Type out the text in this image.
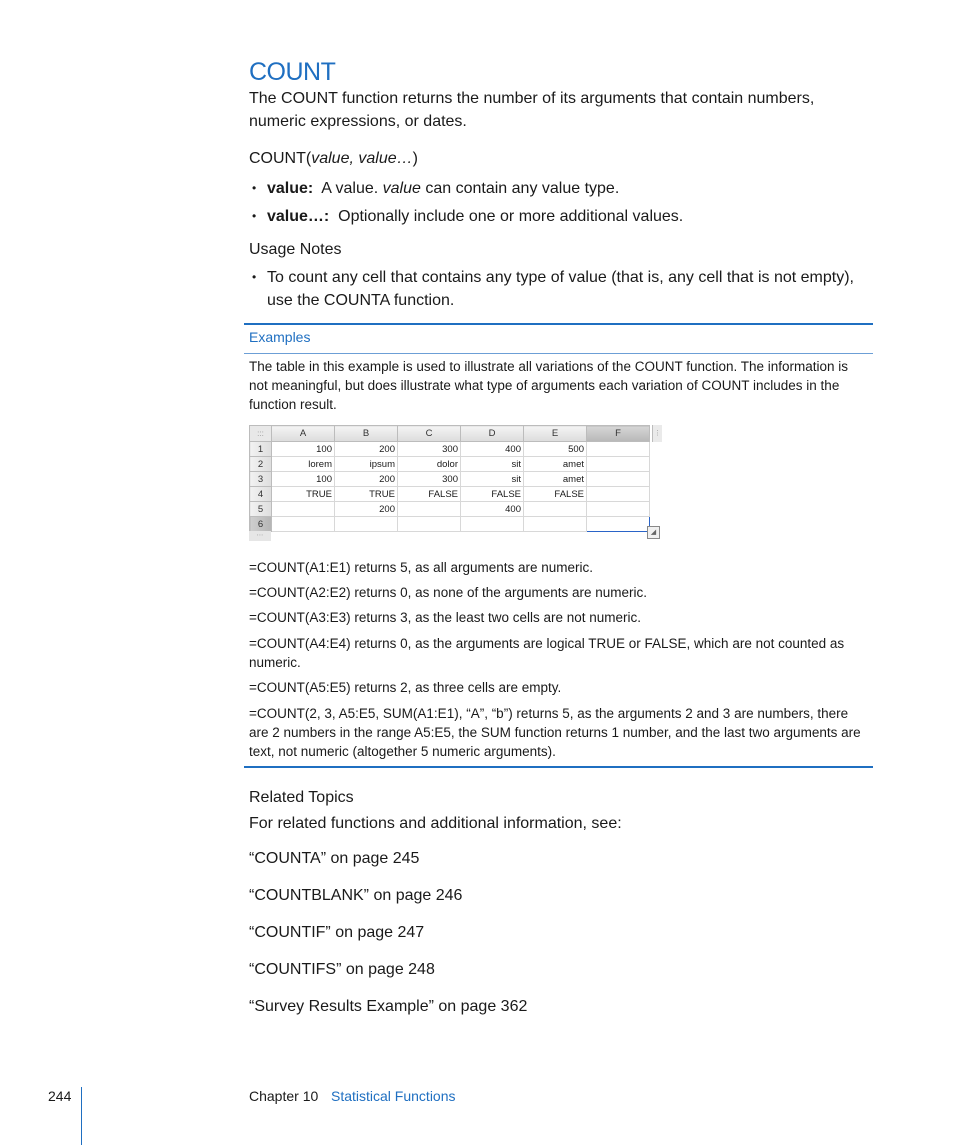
COUNT
The COUNT function returns the number of its arguments that contain numbers, numeric expressions, or dates.
COUNT(value, value…)
• value: A value. value can contain any value type.
• value…: Optionally include one or more additional values.
Usage Notes
• To count any cell that contains any type of value (that is, any cell that is not empty), use the COUNTA function.
Examples
The table in this example is used to illustrate all variations of the COUNT function. The information is not meaningful, but does illustrate what type of arguments each variation of COUNT includes in the function result.
:::	A	B	C	D	E	F
1	100	200	300	400	500	
2	lorem	ipsum	dolor	sit	amet	
3	100	200	300	sit	amet	
4	TRUE	TRUE	FALSE	FALSE	FALSE	
5		200		400		
6						
⋮
⋯	◢
=COUNT(A1:E1) returns 5, as all arguments are numeric.
=COUNT(A2:E2) returns 0, as none of the arguments are numeric.
=COUNT(A3:E3) returns 3, as the least two cells are not numeric.
=COUNT(A4:E4) returns 0, as the arguments are logical TRUE or FALSE, which are not counted as numeric.
=COUNT(A5:E5) returns 2, as three cells are empty.
=COUNT(2, 3, A5:E5, SUM(A1:E1), “A”, “b”) returns 5, as the arguments 2 and 3 are numbers, there are 2 numbers in the range A5:E5, the SUM function returns 1 number, and the last two arguments are text, not numeric (altogether 5 numeric arguments).
Related Topics
For related functions and additional information, see:
“COUNTA” on page 245
“COUNTBLANK” on page 246
“COUNTIF” on page 247
“COUNTIFS” on page 248
“Survey Results Example” on page 362
244	Chapter 10 Statistical Functions
